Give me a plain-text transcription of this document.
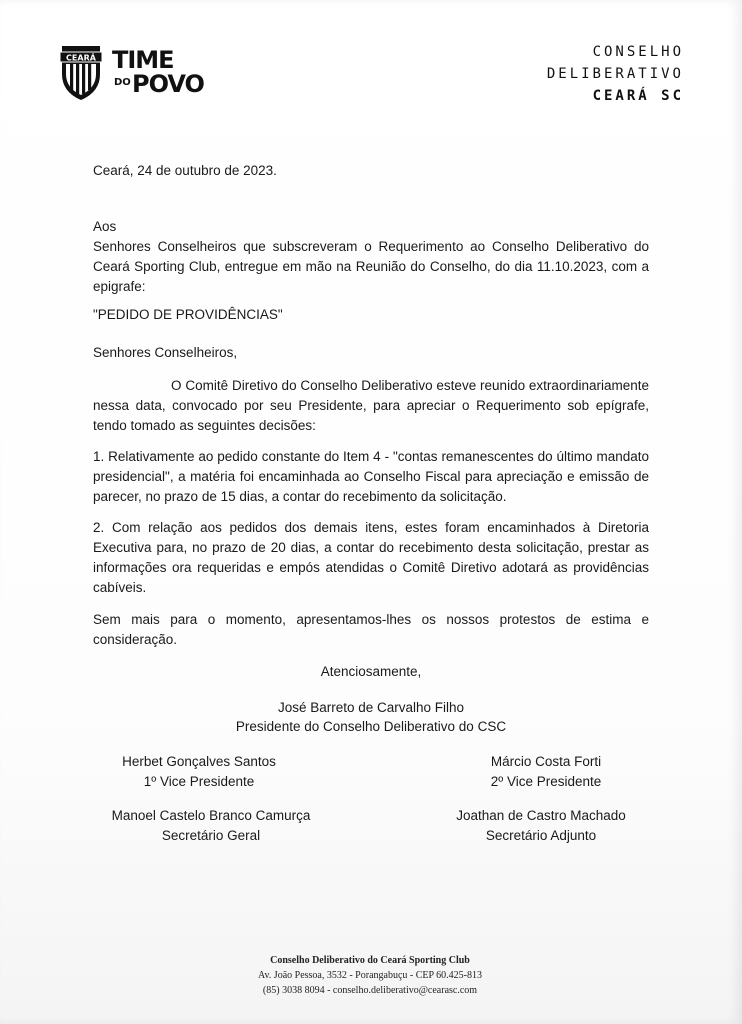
CEARÁ TIME
DO POVO
CONSELHO
DELIBERATIVO
CEARÁ SC
Ceará, 24 de outubro de 2023.

Aos

Senhores Conselheiros que subscreveram o Requerimento ao Conselho Deliberativo do Ceará Sporting Club, entregue em mão na Reunião do Conselho, do dia 11.10.2023, com a epigrafe:

"PEDIDO DE PROVIDÊNCIAS"

Senhores Conselheiros,

O Comitê Diretivo do Conselho Deliberativo esteve reunido extraordinariamente nessa data, convocado por seu Presidente, para apreciar o Requerimento sob epígrafe, tendo tomado as seguintes decisões:

1. Relativamente ao pedido constante do Item 4 - "contas remanescentes do último mandato presidencial", a matéria foi encaminhada ao Conselho Fiscal para apreciação e emissão de parecer, no prazo de 15 dias, a contar do recebimento da solicitação.

2. Com relação aos pedidos dos demais itens, estes foram encaminhados à Diretoria Executiva para, no prazo de 20 dias, a contar do recebimento desta solicitação, prestar as informações ora requeridas e empós atendidas o Comitê Diretivo adotará as providências cabíveis.

Sem mais para o momento, apresentamos-lhes os nossos protestos de estima e consideração.

Atenciosamente,
José Barreto de Carvalho Filho
Presidente do Conselho Deliberativo do CSC
Herbet Gonçalves Santos
1º Vice Presidente
Márcio Costa Forti
2º Vice Presidente
Manoel Castelo Branco Camurça
Secretário Geral
Joathan de Castro Machado
Secretário Adjunto
Conselho Deliberativo do Ceará Sporting Club
Av. João Pessoa, 3532 - Porangabuçu - CEP 60.425-813
(85) 3038 8094 - conselho.deliberativo@cearasc.com
